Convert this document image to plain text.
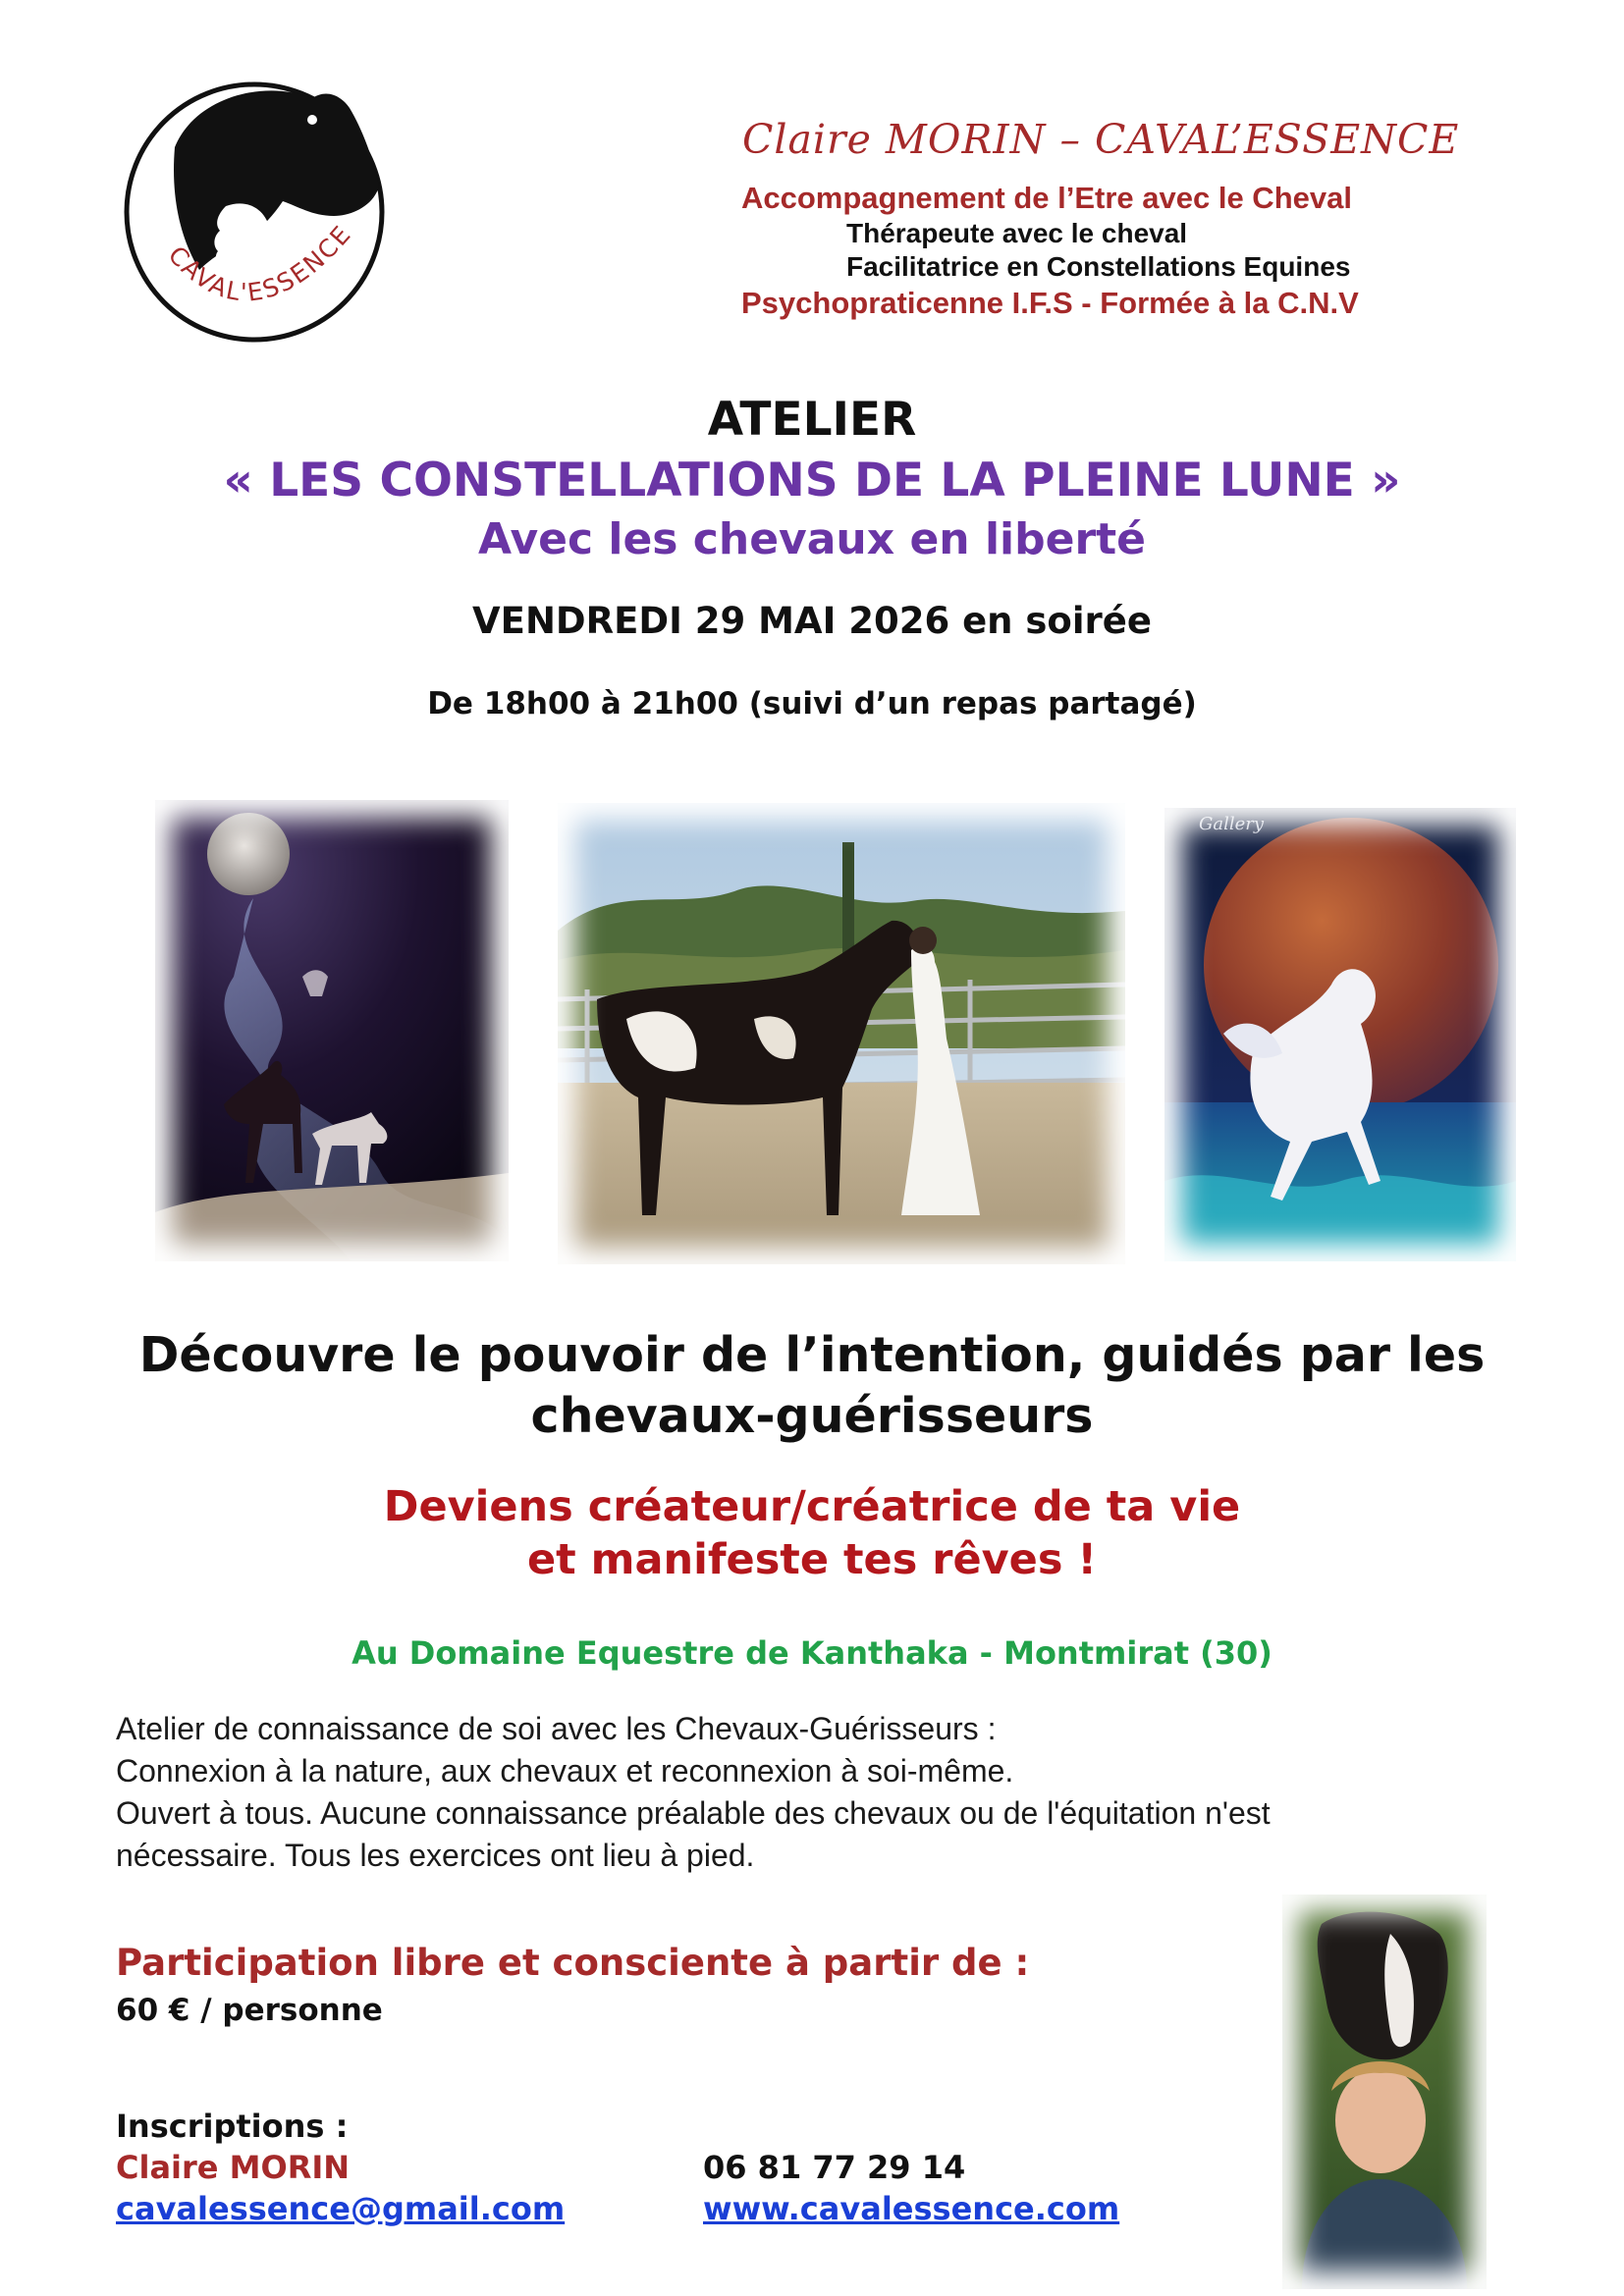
CAVAL'ESSENCE
Claire MORIN – CAVAL’ESSENCE
Accompagnement de l’Etre avec le Cheval
Thérapeute avec le cheval
Facilitatrice en Constellations Equines
Psychopraticenne I.F.S - Formée à la C.N.V
ATELIER
« LES CONSTELLATIONS DE LA PLEINE LUNE »
Avec les chevaux en liberté
VENDREDI 29 MAI 2026 en soirée
De 18h00 à 21h00 (suivi d’un repas partagé)
Gallery
Découvre le pouvoir de l’intention, guidés par les
chevaux-guérisseurs
Deviens créateur/créatrice de ta vie
et manifeste tes rêves !
Au Domaine Equestre de Kanthaka - Montmirat (30)
Atelier de connaissance de soi avec les Chevaux-Guérisseurs :
Connexion à la nature, aux chevaux et reconnexion à soi-même.
Ouvert à tous. Aucune connaissance préalable des chevaux ou de l'équitation n'est
nécessaire. Tous les exercices ont lieu à pied.
Participation libre et consciente à partir de :
60 € / personne
Inscriptions :
Claire MORIN
cavalessence@gmail.com
06 81 77 29 14
www.cavalessence.com
